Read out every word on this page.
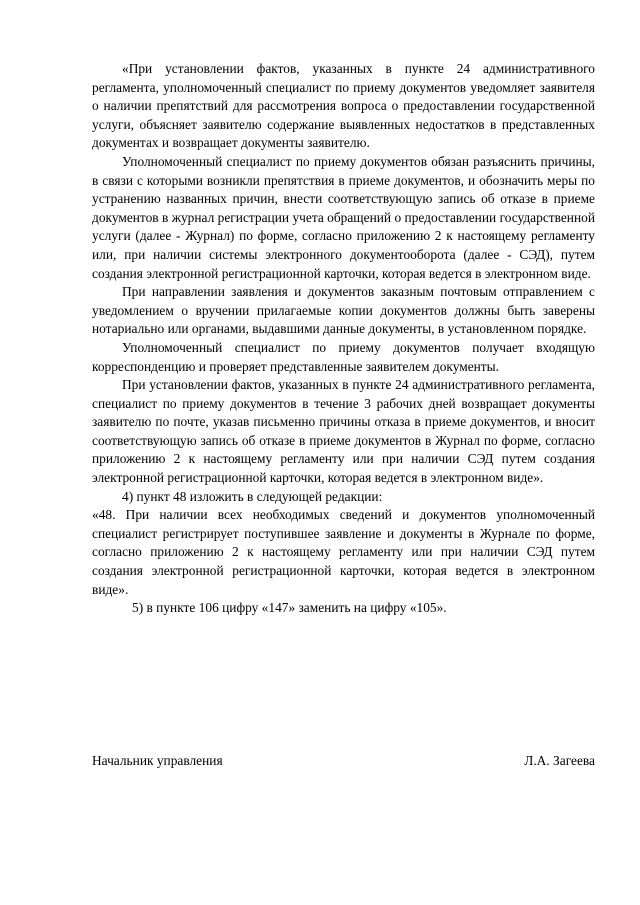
«При установлении фактов, указанных в пункте 24 административного регламента, уполномоченный специалист по приему документов уведомляет заявителя о наличии препятствий для рассмотрения вопроса о предоставлении государственной услуги, объясняет заявителю содержание выявленных недостатков в представленных документах и возвращает документы заявителю.

Уполномоченный специалист по приему документов обязан разъяснить причины, в связи с которыми возникли препятствия в приеме документов, и обозначить меры по устранению названных причин, внести соответствующую запись об отказе в приеме документов в журнал регистрации учета обращений о предоставлении государственной услуги (далее - Журнал) по форме, согласно приложению 2 к настоящему регламенту или, при наличии системы электронного документооборота (далее - СЭД), путем создания электронной регистрационной карточки, которая ведется в электронном виде.

При направлении заявления и документов заказным почтовым отправлением с уведомлением о вручении прилагаемые копии документов должны быть заверены нотариально или органами, выдавшими данные документы, в установленном порядке.

Уполномоченный специалист по приему документов получает входящую корреспонденцию и проверяет представленные заявителем документы.

При установлении фактов, указанных в пункте 24 административного регламента, специалист по приему документов в течение 3 рабочих дней возвращает документы заявителю по почте, указав письменно причины отказа в приеме документов, и вносит соответствующую запись об отказе в приеме документов в Журнал по форме, согласно приложению 2 к настоящему регламенту или при наличии СЭД путем создания электронной регистрационной карточки, которая ведется в электронном виде».

4) пункт 48 изложить в следующей редакции:

«48. При наличии всех необходимых сведений и документов уполномоченный специалист регистрирует поступившее заявление и документы в Журнале по форме, согласно приложению 2 к настоящему регламенту или при наличии СЭД путем создания электронной регистрационной карточки, которая ведется в электронном виде».

5) в пункте 106 цифру «147» заменить на цифру «105».

Начальник управления	Л.А. Загеева
